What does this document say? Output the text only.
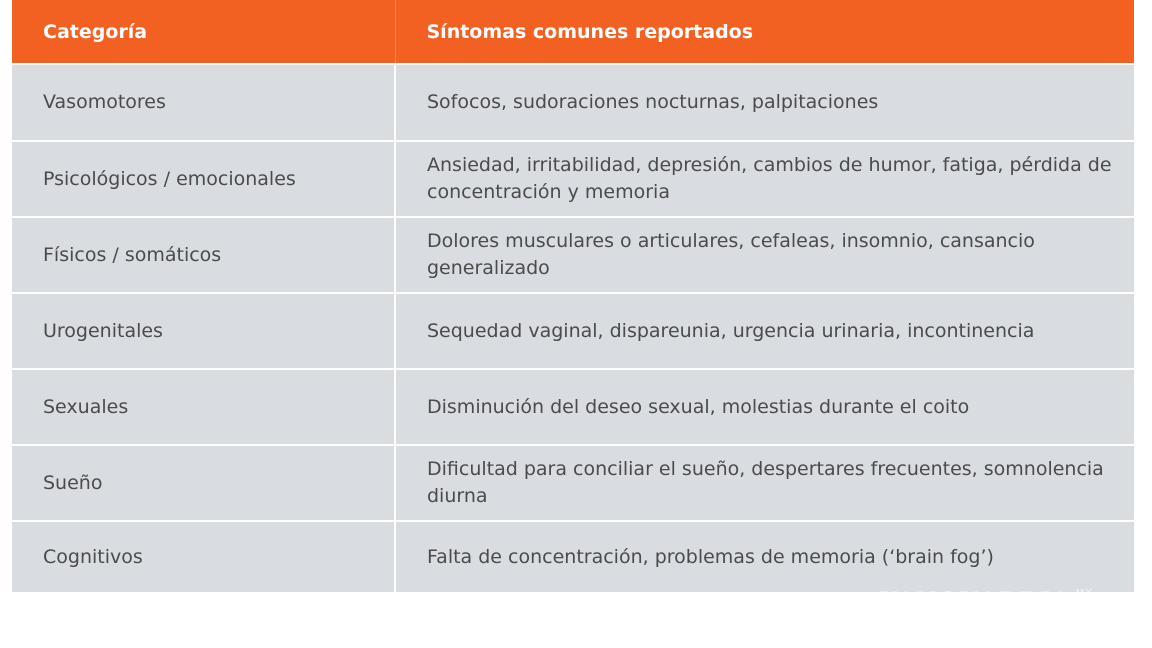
Categoría	Síntomas comunes reportados
Vasomotores	Sofocos, sudoraciones nocturnas, palpitaciones
Psicológicos / emocionales	Ansiedad, irritabilidad, depresión, cambios de humor, fatiga, pérdida de concentración y memoria
Físicos / somáticos	Dolores musculares o articulares, cefaleas, insomnio, cansancio generalizado
Urogenitales	Sequedad vaginal, dispareunia, urgencia urinaria, incontinencia
Sexuales	Disminución del deseo sexual, molestias durante el coito
Sueño	Dificultad para conciliar el sueño, despertares frecuentes, somnolencia diurna
Cognitivos	Falta de concentración, problemas de memoria (‘brain fog’)
VANGUARDIA $^{MX}$
